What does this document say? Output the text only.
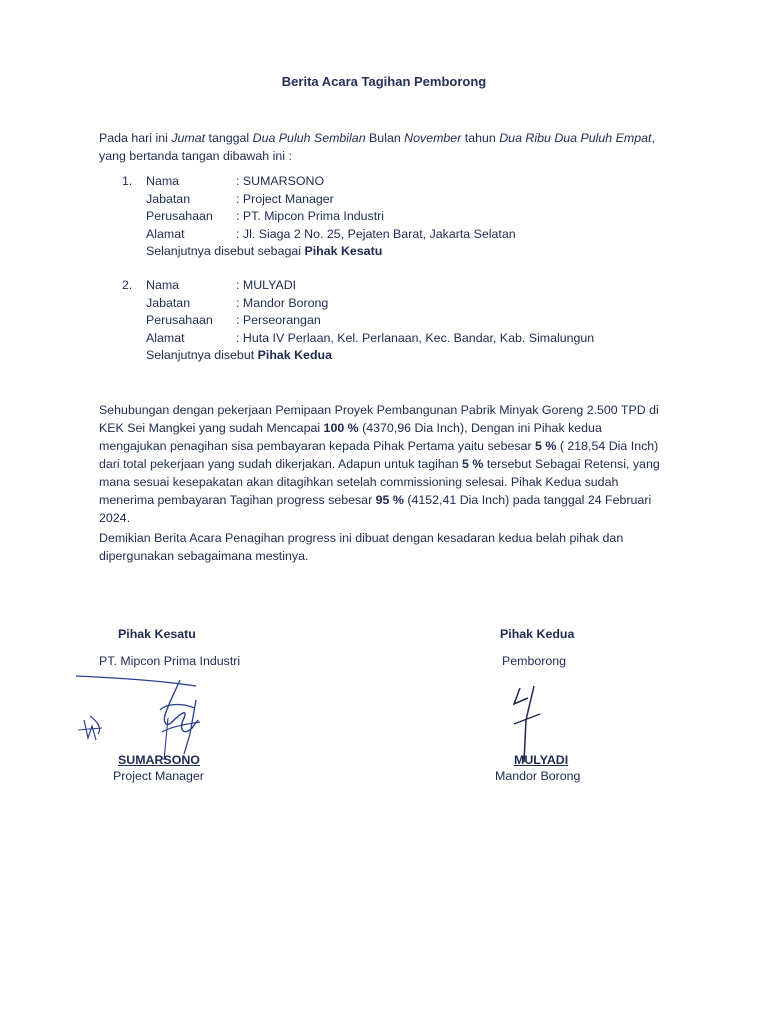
Berita Acara Tagihan Pemborong
Pada hari ini Jumat tanggal Dua Puluh Sembilan Bulan November tahun Dua Ribu Dua Puluh Empat,
yang bertanda tangan dibawah ini :
1. Nama	: SUMARSONO
Jabatan	: Project Manager
Perusahaan : PT. Mipcon Prima Industri
Alamat	: Jl. Siaga 2 No. 25, Pejaten Barat, Jakarta Selatan
Selanjutnya disebut sebagai Pihak Kesatu
2. Nama	: MULYADI
Jabatan	: Mandor Borong
Perusahaan : Perseorangan
Alamat	: Huta IV Perlaan, Kel. Perlanaan, Kec. Bandar, Kab. Simalungun
Selanjutnya disebut Pihak Kedua
Sehubungan dengan pekerjaan Pemipaan Proyek Pembangunan Pabrik Minyak Goreng 2.500 TPD di
KEK Sei Mangkei yang sudah Mencapai 100 % (4370,96 Dia Inch), Dengan ini Pihak kedua
mengajukan penagihan sisa pembayaran kepada Pihak Pertama yaitu sebesar 5 % ( 218,54 Dia Inch)
dari total pekerjaan yang sudah dikerjakan. Adapun untuk tagihan 5 % tersebut Sebagai Retensi, yang
mana sesuai kesepakatan akan ditagihkan setelah commissioning selesai. Pihak Kedua sudah
menerima pembayaran Tagihan progress sebesar 95 % (4152,41 Dia Inch) pada tanggal 24 Februari
2024.
Demikian Berita Acara Penagihan progress ini dibuat dengan kesadaran kedua belah pihak dan
dipergunakan sebagaimana mestinya.
Pihak Kesatu
PT. Mipcon Prima Industri
SUMARSONO
Project Manager
Pihak Kedua
Pemborong
MULYADI
Mandor Borong
